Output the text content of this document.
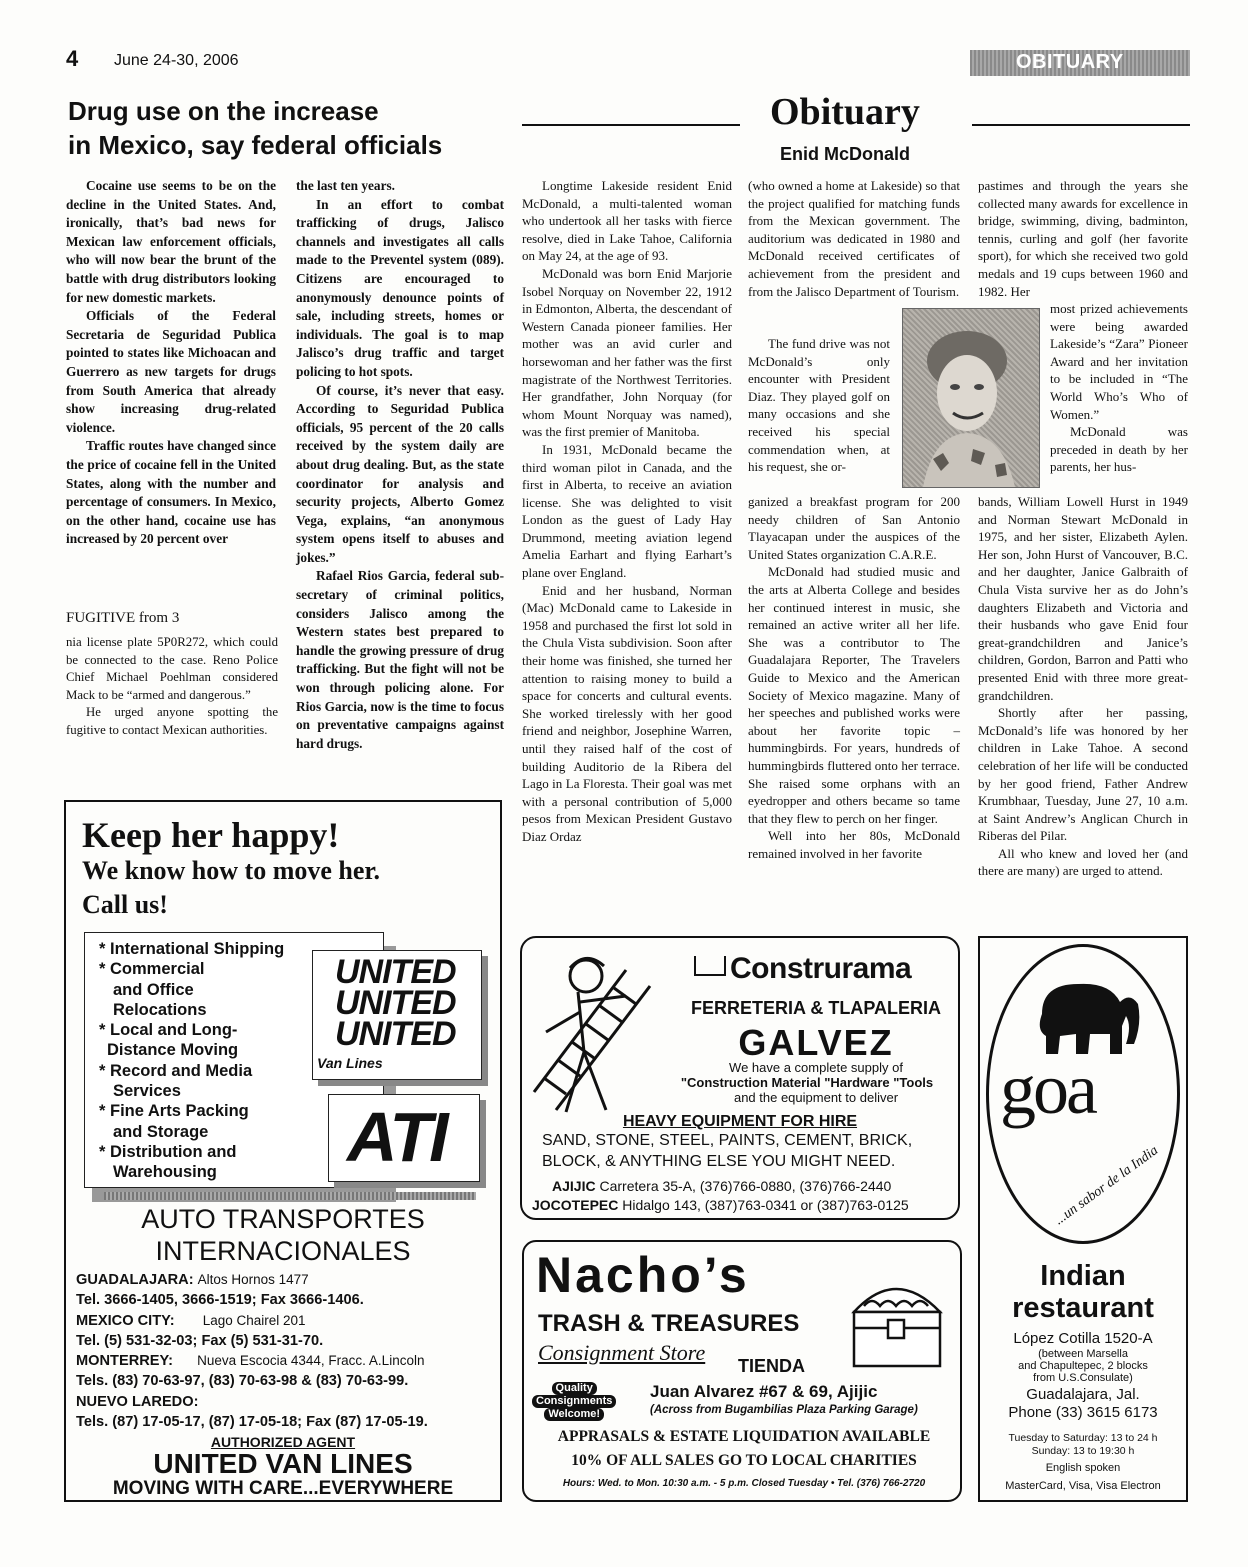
4 June 24-30, 2006	OBITUARY
Drug use on the increase
in Mexico, say federal officials

Cocaine use seems to be on the decline in the United States. And, ironically, that’s bad news for Mexican law enforcement officials, who will now bear the brunt of the battle with drug distributors looking for new domestic markets.

Officials of the Federal Secretaria de Seguridad Publica pointed to states like Michoacan and Guerrero as new targets for drugs from South America that already show increasing drug-related violence.

Traffic routes have changed since the price of cocaine fell in the United States, along with the number and percentage of consumers. In Mexico, on the other hand, cocaine use has increased by 20 percent over

the last ten years.

In an effort to combat trafficking of drugs, Jalisco channels and investigates all calls made to the Preventel system (089). Citizens are encouraged to anonymously denounce points of sale, including streets, homes or individuals. The goal is to map Jalisco’s drug traffic and target policing to hot spots.

Of course, it’s never that easy. According to Seguridad Publica officials, 95 percent of the 20 calls received by the system daily are about drug dealing. But, as the state coordinator for analysis and security projects, Alberto Gomez Vega, explains, “an anonymous system opens itself to abuses and jokes.”

Rafael Rios Garcia, federal sub-secretary of criminal politics, considers Jalisco among the Western states best prepared to handle the growing pressure of drug trafficking. But the fight will not be won through policing alone. For Rios Garcia, now is the time to focus on preventative campaigns against hard drugs.

FUGITIVE from 3

nia license plate 5P0R272, which could be connected to the case. Reno Police Chief Michael Poehlman considered Mack to be “armed and dangerous.”

He urged anyone spotting the fugitive to contact Mexican authorities.

Obituary
Enid McDonald

Longtime Lakeside resident Enid McDonald, a multi-talented woman who undertook all her tasks with fierce resolve, died in Lake Tahoe, California on May 24, at the age of 93.

McDonald was born Enid Marjorie Isobel Norquay on November 22, 1912 in Edmonton, Alberta, the descendant of Western Canada pioneer families. Her mother was an avid curler and horsewoman and her father was the first magistrate of the Northwest Territories. Her grandfather, John Norquay (for whom Mount Norquay was named), was the first premier of Manitoba.

In 1931, McDonald became the third woman pilot in Canada, and the first in Alberta, to receive an aviation license. She was delighted to visit London as the guest of Lady Hay Drummond, meeting aviation legend Amelia Earhart and flying Earhart’s plane over England.

Enid and her husband, Norman (Mac) McDonald came to Lakeside in 1958 and purchased the first lot sold in the Chula Vista subdivision. Soon after their home was finished, she turned her attention to raising money to build a space for concerts and cultural events. She worked tirelessly with her good friend and neighbor, Josephine Warren, until they raised half of the cost of building Auditorio de la Ribera del Lago in La Floresta. Their goal was met with a personal contribution of 5,000 pesos from Mexican President Gustavo Diaz Ordaz

(who owned a home at Lakeside) so that the project qualified for matching funds from the Mexican government. The auditorium was dedicated in 1980 and McDonald received certificates of achievement from the president and from the Jalisco Department of Tourism.

The fund drive was not McDonald’s only encounter with President Diaz. They played golf on many occasions and she received his special commendation when, at his request, she or-

ganized a breakfast program for 200 needy children of San Antonio Tlayacapan under the auspices of the United States organization C.A.R.E.

McDonald had studied music and the arts at Alberta College and besides her continued interest in music, she remained an active writer all her life. She was a contributor to The Guadalajara Reporter, The Travelers Guide to Mexico and the American Society of Mexico magazine. Many of her speeches and published works were about her favorite topic – hummingbirds. For years, hundreds of hummingbirds fluttered onto her terrace. She raised some orphans with an eyedropper and others became so tame that they flew to perch on her finger.

Well into her 80s, McDonald remained involved in her favorite

pastimes and through the years she collected many awards for excellence in bridge, swimming, diving, badminton, tennis, curling and golf (her favorite sport), for which she received two gold medals and 19 cups between 1960 and 1982. Her

most prized achievements were being awarded Lakeside’s “Zara” Pioneer Award and her invitation to be included in “The World Who’s Who of Women.”

McDonald was preceded in death by her parents, her hus-

bands, William Lowell Hurst in 1949 and Norman Stewart McDonald in 1975, and her sister, Elizabeth Aylen. Her son, John Hurst of Vancouver, B.C. and her daughter, Janice Galbraith of Chula Vista survive her as do John’s daughters Elizabeth and Victoria and their husbands who gave Enid four great-grandchildren and Janice’s children, Gordon, Barron and Patti who presented Enid with three more great-grandchildren.

Shortly after her passing, McDonald’s life was honored by her children in Lake Tahoe. A second celebration of her life will be conducted by her good friend, Father Andrew Krumbhaar, Tuesday, June 27, 10 a.m. at Saint Andrew’s Anglican Church in Riberas del Pilar.

All who knew and loved her (and there are many) are urged to attend.

Keep her happy!
We know how to move her.
Call us!
* International Shipping
* Commercial
and Office
Relocations
* Local and Long-
Distance Moving
* Record and Media
Services
* Fine Arts Packing
and Storage
* Distribution and
Warehousing
UNITED
UNITED
UNITED
Van Lines
ATI
AUTO TRANSPORTES
INTERNACIONALES
GUADALAJARA: Altos Hornos 1477
Tel. 3666-1405, 3666-1519; Fax 3666-1406.
MEXICO CITY: Lago Chairel 201
Tel. (5) 531-32-03; Fax (5) 531-31-70.
MONTERREY: Nueva Escocia 4344, Fracc. A.Lincoln
Tels. (83) 70-63-97, (83) 70-63-98 & (83) 70-63-99.
NUEVO LAREDO:
Tels. (87) 17-05-17, (87) 17-05-18; Fax (87) 17-05-19.
AUTHORIZED AGENT
UNITED VAN LINES
MOVING WITH CARE...EVERYWHERE
Construrama
FERRETERIA & TLAPALERIA
GALVEZ
We have a complete supply of
"Construction Material "Hardware "Tools
and the equipment to deliver
HEAVY EQUIPMENT FOR HIRE
SAND, STONE, STEEL, PAINTS, CEMENT, BRICK,
BLOCK, & ANYTHING ELSE YOU MIGHT NEED.
AJIJIC Carretera 35-A, (376)766-0880, (376)766-2440
JOCOTEPEC Hidalgo 143, (387)763-0341 or (387)763-0125
Nacho’s
TRASH & TREASURES
Consignment Store
TIENDA
Quality
Consignments
Welcome!
Juan Alvarez #67 & 69, Ajijic
(Across from Bugambilias Plaza Parking Garage)
APPRASALS & ESTATE LIQUIDATION AVAILABLE
10% OF ALL SALES GO TO LOCAL CHARITIES
Hours: Wed. to Mon. 10:30 a.m. - 5 p.m. Closed Tuesday • Tel. (376) 766-2720
goa
...un sabor de la India
Indian
restaurant
López Cotilla 1520-A
(between Marsella
and Chapultepec, 2 blocks
from U.S.Consulate)
Guadalajara, Jal.
Phone (33) 3615 6173
Tuesday to Saturday: 13 to 24 h
Sunday: 13 to 19:30 h
English spoken
MasterCard, Visa, Visa Electron
